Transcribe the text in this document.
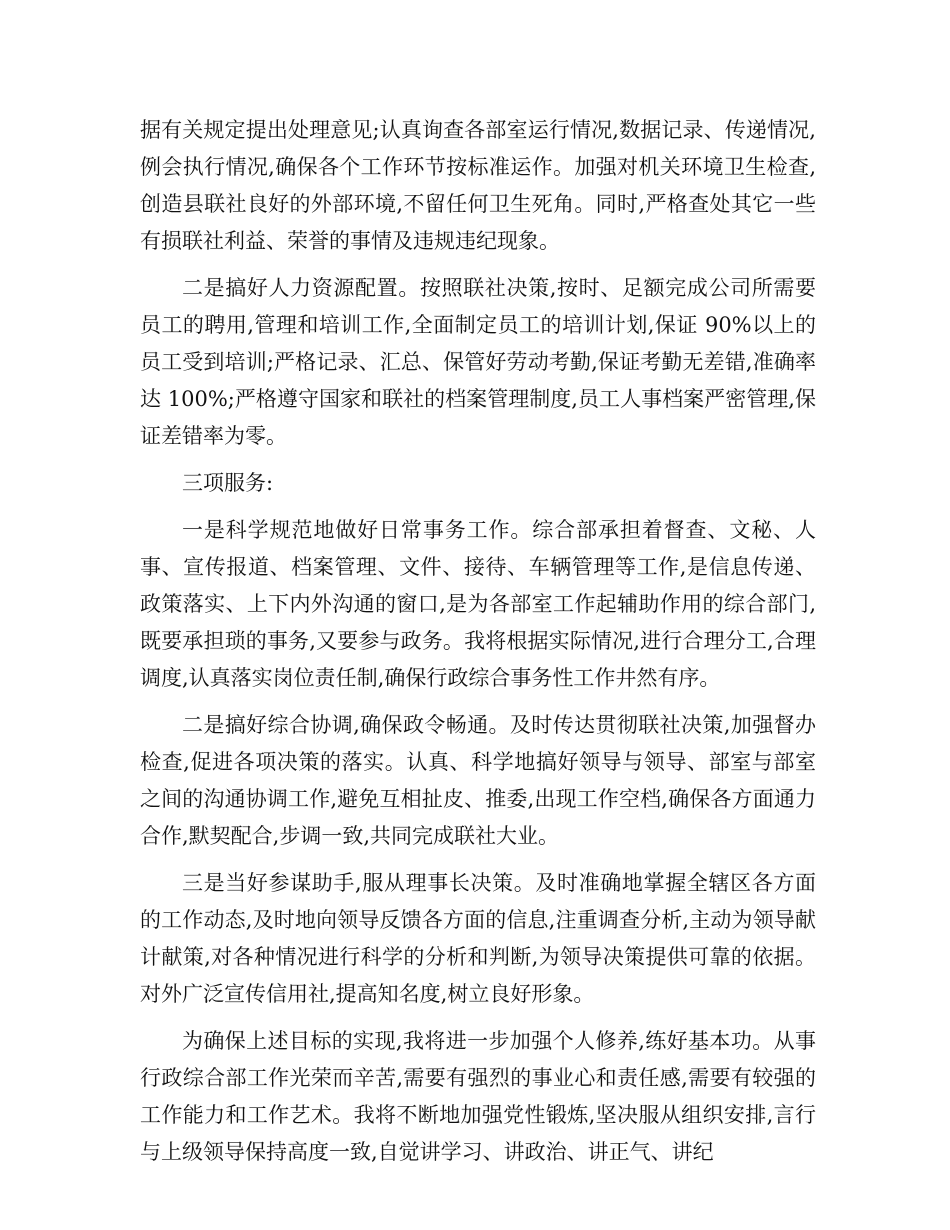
据有关规定提出处理意见;认真询查各部室运行情况,数据记录、传递情况,例会执行情况,确保各个工作环节按标准运作。加强对机关环境卫生检查,创造县联社良好的外部环境,不留任何卫生死角。同时,严格查处其它一些有损联社利益、荣誉的事情及违规违纪现象。

二是搞好人力资源配置。按照联社决策,按时、足额完成公司所需要员工的聘用,管理和培训工作,全面制定员工的培训计划,保证 90%以上的员工受到培训;严格记录、汇总、保管好劳动考勤,保证考勤无差错,准确率达 100%;严格遵守国家和联社的档案管理制度,员工人事档案严密管理,保证差错率为零。

三项服务:

一是科学规范地做好日常事务工作。综合部承担着督查、文秘、人事、宣传报道、档案管理、文件、接待、车辆管理等工作,是信息传递、政策落实、上下内外沟通的窗口,是为各部室工作起辅助作用的综合部门,既要承担琐的事务,又要参与政务。我将根据实际情况,进行合理分工,合理调度,认真落实岗位责任制,确保行政综合事务性工作井然有序。

二是搞好综合协调,确保政令畅通。及时传达贯彻联社决策,加强督办检查,促进各项决策的落实。认真、科学地搞好领导与领导、部室与部室之间的沟通协调工作,避免互相扯皮、推委,出现工作空档,确保各方面通力合作,默契配合,步调一致,共同完成联社大业。

三是当好参谋助手,服从理事长决策。及时准确地掌握全辖区各方面的工作动态,及时地向领导反馈各方面的信息,注重调查分析,主动为领导献计献策,对各种情况进行科学的分析和判断,为领导决策提供可靠的依据。对外广泛宣传信用社,提高知名度,树立良好形象。

为确保上述目标的实现,我将进一步加强个人修养,练好基本功。从事行政综合部工作光荣而辛苦,需要有强烈的事业心和责任感,需要有较强的工作能力和工作艺术。我将不断地加强党性锻炼,坚决服从组织安排,言行与上级领导保持高度一致,自觉讲学习、讲政治、讲正气、讲纪
